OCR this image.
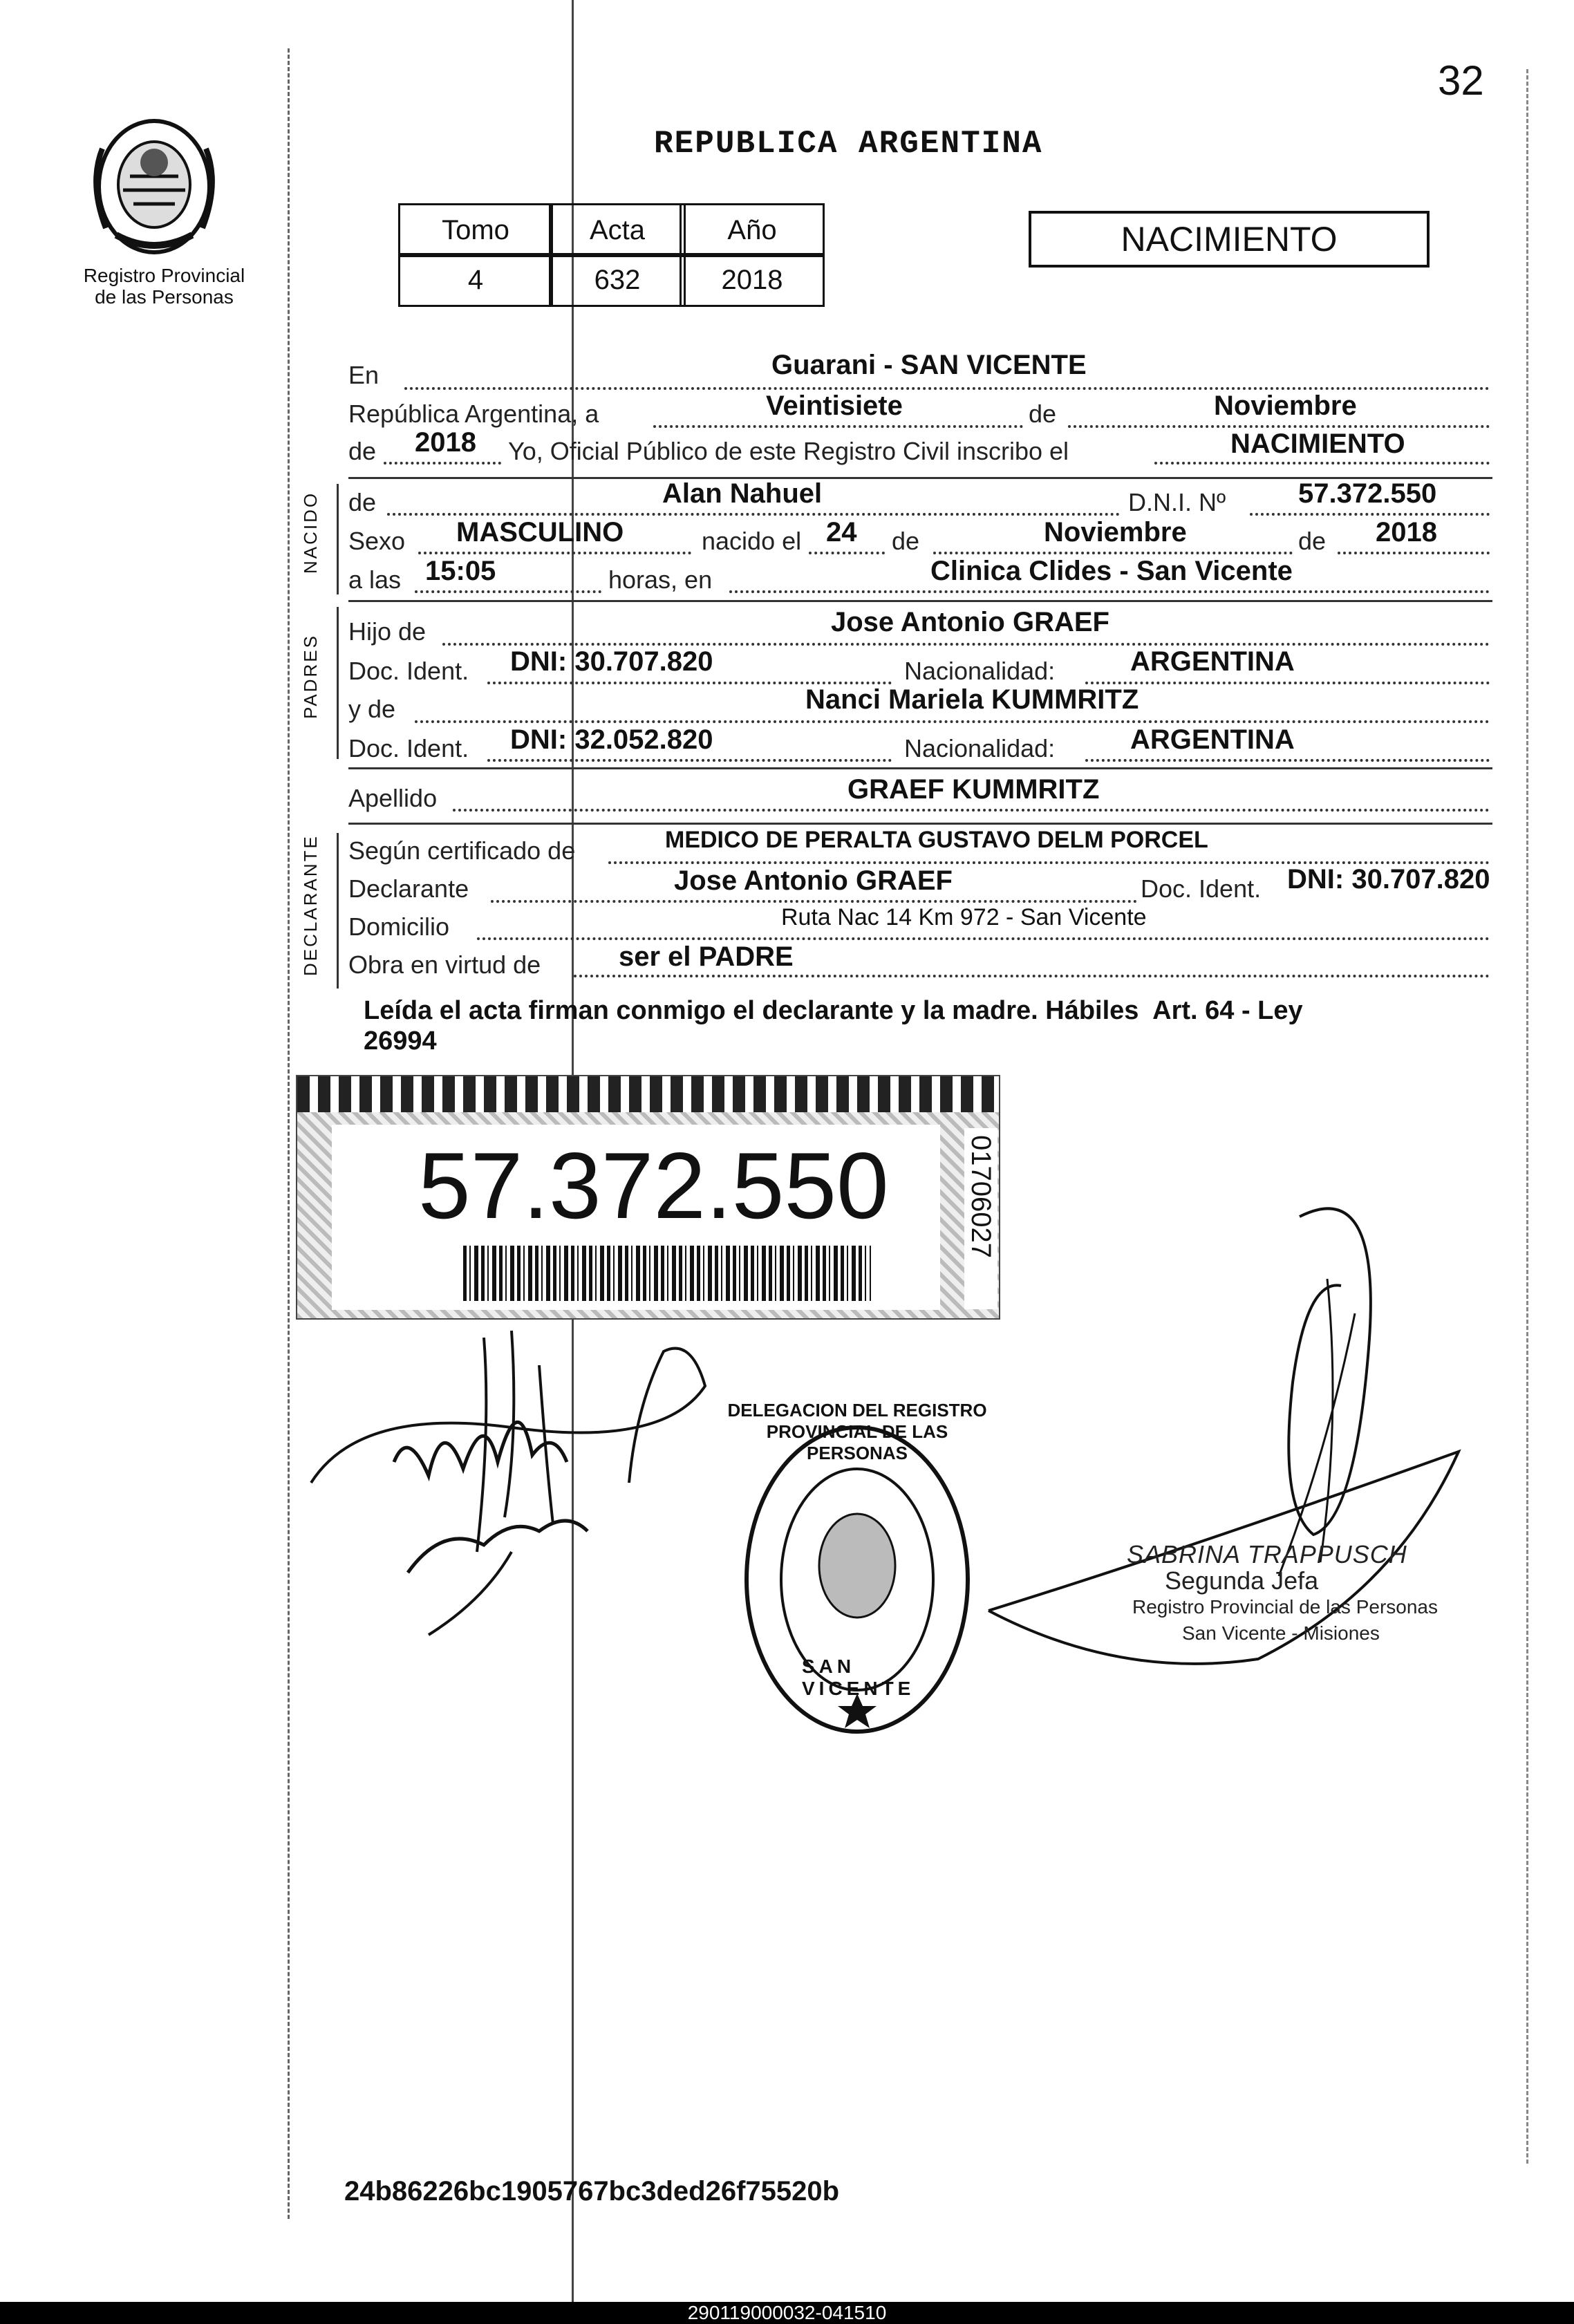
32
Registro Provincial
de las Personas
REPUBLICA ARGENTINA
Tomo	Acta	Año
4	632	2018
NACIMIENTO
En	Guarani - SAN VICENTE
República Argentina, a	Veintisiete	de	Noviembre
de 2018 Yo, Oficial Público de este Registro Civil inscribo el	NACIMIENTO
NACIDO de	Alan Nahuel	D.N.I. Nº	57.372.550
Sexo MASCULINO	nacido el 24 de	Noviembre	de 2018
a las 15:05	horas, en	Clinica Clides - San Vicente
PADRES
Hijo de	Jose Antonio GRAEF
Doc. Ident. DNI: 30.707.820	Nacionalidad:	ARGENTINA
y de	Nanci Mariela KUMMRITZ
Doc. Ident. DNI: 32.052.820	Nacionalidad:	ARGENTINA
Apellido	GRAEF KUMMRITZ
DECLARANTE Según certificado de	MEDICO DE PERALTA GUSTAVO DELM PORCEL
Declarante	Jose Antonio GRAEF	Doc. Ident. DNI: 30.707.820
Domicilio	Ruta Nac 14 Km 972 - San Vicente
Obra en virtud de	ser el PADRE
Leída el acta firman conmigo el declarante y la madre. Hábiles  Art. 64 - Ley
26994
57.372.550	01706027
SABRINA TRAPPUSCH
Segunda Jefa
Registro Provincial de las Personas
San Vicente - Misiones
DELEGACION DEL REGISTRO PROVINCIAL DE LAS PERSONAS
SAN VICENTE
24b86226bc1905767bc3ded26f75520b
290119000032-041510
